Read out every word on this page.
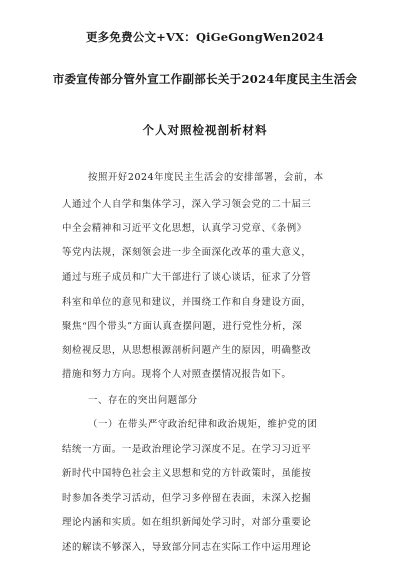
更多免费公文+VX：QiGeGongWen2024
市委宣传部分管外宣工作副部长关于2024年度民主生活会
个人对照检视剖析材料
按照开好2024年度民主生活会的安排部署，会前，本
人通过个人自学和集体学习，深入学习领会党的二十届三
中全会精神和习近平文化思想，认真学习党章、《条例》
等党内法规，深刻领会进一步全面深化改革的重大意义，
通过与班子成员和广大干部进行了谈心谈话，征求了分管
科室和单位的意见和建议，并围绕工作和自身建设方面，
聚焦“四个带头”方面认真查摆问题，进行党性分析，深
刻检视反思，从思想根源剖析问题产生的原因，明确整改
措施和努力方向。现将个人对照查摆情况报告如下。
一、存在的突出问题部分
（一）在带头严守政治纪律和政治规矩，维护党的团
结统一方面。一是政治理论学习深度不足。在学习习近平
新时代中国特色社会主义思想和党的方针政策时，虽能按
时参加各类学习活动，但学习多停留在表面，未深入挖掘
理论内涵和实质。如在组织新闻处学习时，对部分重要论
述的解读不够深入，导致部分同志在实际工作中运用理论
